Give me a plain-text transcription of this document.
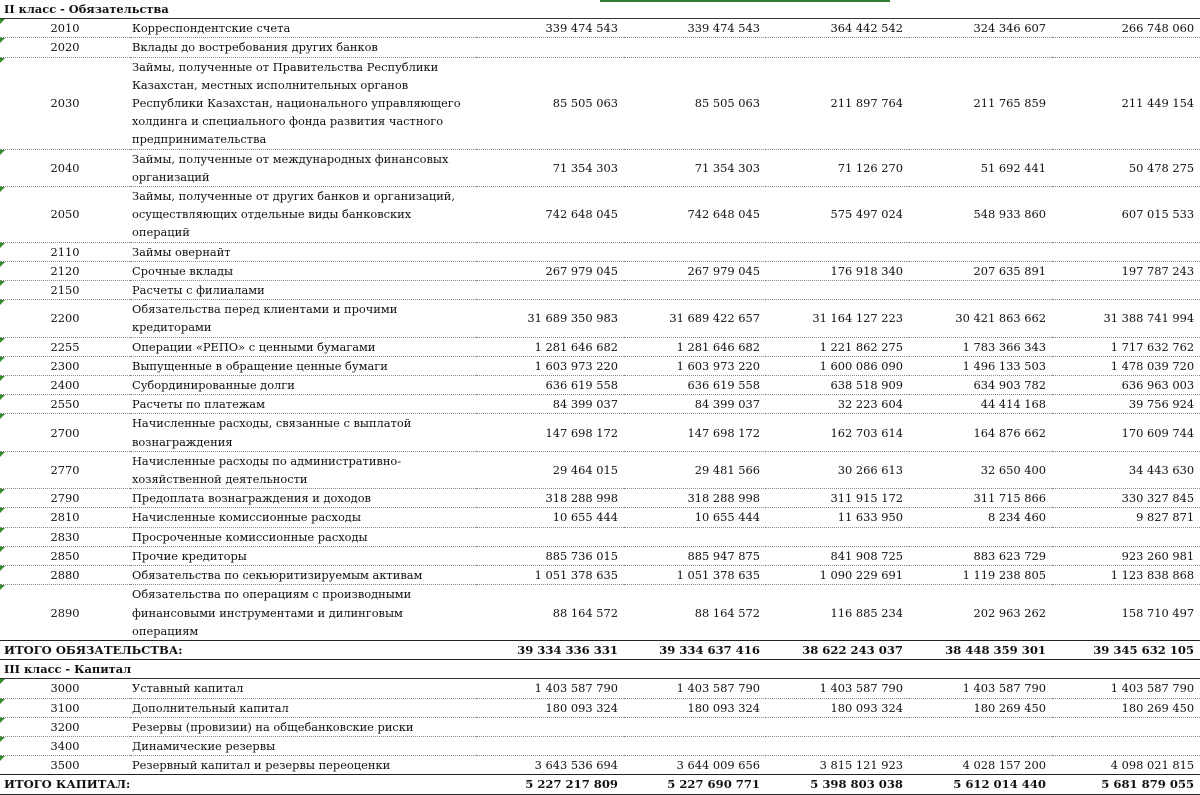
II класс - Обязательства						
2010	Корреспондентские счета	339 474 543	339 474 543	364 442 542	324 346 607	266 748 060
2020	Вклады до востребования других банков					
2030	Займы, полученные от Правительства Республики Казахстан, местных исполнительных органов Республики Казахстан, национального управляющего холдинга и специального фонда развития частного предпринимательства	85 505 063	85 505 063	211 897 764	211 765 859	211 449 154
2040	Займы, полученные от международных финансовых организаций	71 354 303	71 354 303	71 126 270	51 692 441	50 478 275
2050	Займы, полученные от других банков и организаций, осуществляющих отдельные виды банковских операций	742 648 045	742 648 045	575 497 024	548 933 860	607 015 533
2110	Займы овернайт					
2120	Срочные вклады	267 979 045	267 979 045	176 918 340	207 635 891	197 787 243
2150	Расчеты с филиалами					
2200	Обязательства перед клиентами и прочими кредиторами	31 689 350 983	31 689 422 657	31 164 127 223	30 421 863 662	31 388 741 994
2255	Операции «РЕПО» с ценными бумагами	1 281 646 682	1 281 646 682	1 221 862 275	1 783 366 343	1 717 632 762
2300	Выпущенные в обращение ценные бумаги	1 603 973 220	1 603 973 220	1 600 086 090	1 496 133 503	1 478 039 720
2400	Субординированные долги	636 619 558	636 619 558	638 518 909	634 903 782	636 963 003
2550	Расчеты по платежам	84 399 037	84 399 037	32 223 604	44 414 168	39 756 924
2700	Начисленные расходы, связанные с выплатой вознаграждения	147 698 172	147 698 172	162 703 614	164 876 662	170 609 744
2770	Начисленные расходы по административно-хозяйственной деятельности	29 464 015	29 481 566	30 266 613	32 650 400	34 443 630
2790	Предоплата вознаграждения и доходов	318 288 998	318 288 998	311 915 172	311 715 866	330 327 845
2810	Начисленные комиссионные расходы	10 655 444	10 655 444	11 633 950	8 234 460	9 827 871
2830	Просроченные комиссионные расходы					
2850	Прочие кредиторы	885 736 015	885 947 875	841 908 725	883 623 729	923 260 981
2880	Обязательства по секьюритизируемым активам	1 051 378 635	1 051 378 635	1 090 229 691	1 119 238 805	1 123 838 868
2890	Обязательства по операциям с производными финансовыми инструментами и дилинговым операциям	88 164 572	88 164 572	116 885 234	202 963 262	158 710 497
ИТОГО ОБЯЗАТЕЛЬСТВА:		39 334 336 331	39 334 637 416	38 622 243 037	38 448 359 301	39 345 632 105
III класс - Капитал						
3000	Уставный капитал	1 403 587 790	1 403 587 790	1 403 587 790	1 403 587 790	1 403 587 790
3100	Дополнительный капитал	180 093 324	180 093 324	180 093 324	180 269 450	180 269 450
3200	Резервы (провизии) на общебанковские риски					
3400	Динамические резервы					
3500	Резервный капитал и резервы переоценки	3 643 536 694	3 644 009 656	3 815 121 923	4 028 157 200	4 098 021 815
ИТОГО КАПИТАЛ:		5 227 217 809	5 227 690 771	5 398 803 038	5 612 014 440	5 681 879 055
